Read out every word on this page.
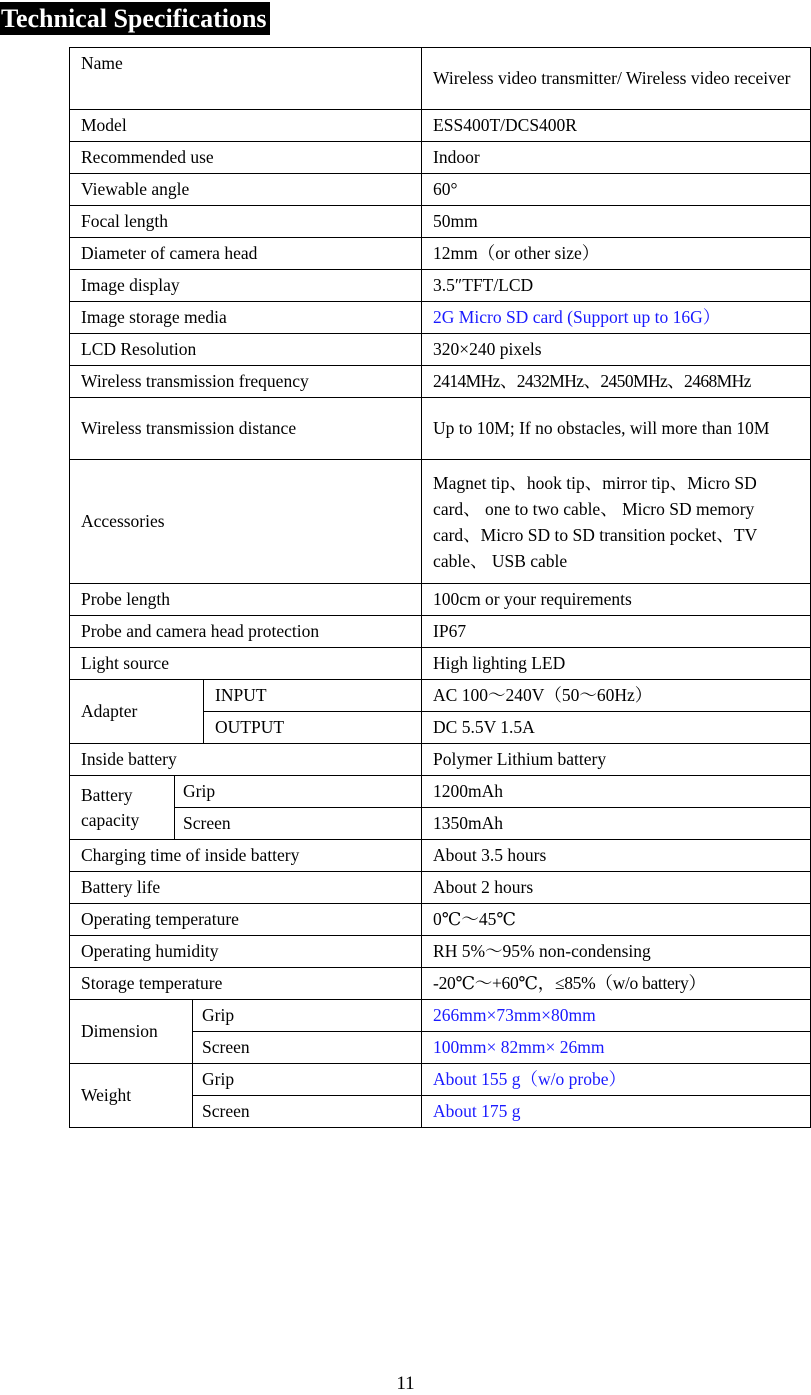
Technical Specifications
Name				Wireless video transmitter/ Wireless video receiver
Model				ESS400T/DCS400R
Recommended use				Indoor
Viewable angle				60°
Focal length				50mm
Diameter of camera head				12mm（or other size）
Image display				3.5″TFT/LCD
Image storage media				2G Micro SD card (Support up to 16G）
LCD Resolution				320×240 pixels
Wireless transmission frequency				2414MHz、2432MHz、2450MHz、2468MHz
Wireless transmission distance				Up to 10M; If no obstacles, will more than 10M
Accessories				Magnet tip、hook tip、mirror tip、Micro SD card、 one to two cable、 Micro SD memory card、Micro SD to SD transition pocket、TV cable、 USB cable
Probe length				100cm or your requirements
Probe and camera head protection				IP67
Light source				High lighting LED
Adapter			INPUT	AC 100～240V（50～60Hz）
			OUTPUT	DC 5.5V 1.5A
Inside battery				Polymer Lithium battery
Battery capacity	Grip			1200mAh
	Screen			1350mAh
Charging time of inside battery				About 3.5 hours
Battery life				About 2 hours
Operating temperature				0℃～45℃
Operating humidity				RH 5%～95% non-condensing
Storage temperature				-20℃～+60℃，≤85%（w/o battery）
Dimension		Grip		266mm×73mm×80mm
		Screen		100mm× 82mm× 26mm
Weight		Grip		About 155 g（w/o probe）
		Screen		About 175 g
11
